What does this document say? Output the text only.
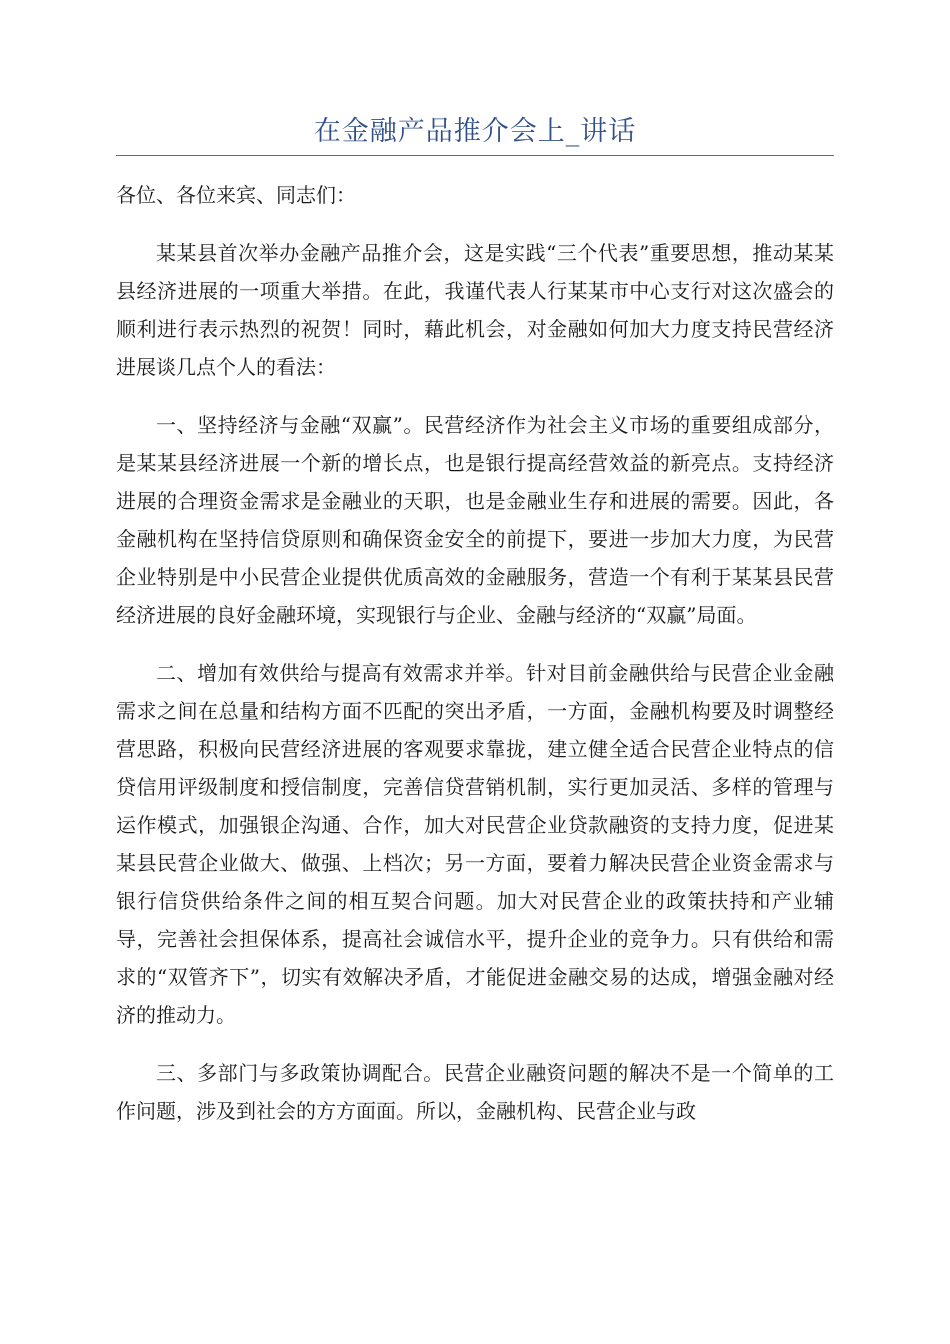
在金融产品推介会上_讲话

各位、各位来宾、同志们：

某某县首次举办金融产品推介会，这是实践“三个代表”重要思想，推动某某县经济进展的一项重大举措。在此，我谨代表人行某某市中心支行对这次盛会的顺利进行表示热烈的祝贺！同时，藉此机会，对金融如何加大力度支持民营经济进展谈几点个人的看法：

一、坚持经济与金融“双赢”。民营经济作为社会主义市场的重要组成部分，是某某县经济进展一个新的增长点，也是银行提高经营效益的新亮点。支持经济进展的合理资金需求是金融业的天职，也是金融业生存和进展的需要。因此，各金融机构在坚持信贷原则和确保资金安全的前提下，要进一步加大力度，为民营企业特别是中小民营企业提供优质高效的金融服务，营造一个有利于某某县民营经济进展的良好金融环境，实现银行与企业、金融与经济的“双赢”局面。

二、增加有效供给与提高有效需求并举。针对目前金融供给与民营企业金融需求之间在总量和结构方面不匹配的突出矛盾，一方面，金融机构要及时调整经营思路，积极向民营经济进展的客观要求靠拢，建立健全适合民营企业特点的信贷信用评级制度和授信制度，完善信贷营销机制，实行更加灵活、多样的管理与运作模式，加强银企沟通、合作，加大对民营企业贷款融资的支持力度，促进某某县民营企业做大、做强、上档次；另一方面，要着力解决民营企业资金需求与银行信贷供给条件之间的相互契合问题。加大对民营企业的政策扶持和产业辅导，完善社会担保体系，提高社会诚信水平，提升企业的竞争力。只有供给和需求的“双管齐下”，切实有效解决矛盾，才能促进金融交易的达成，增强金融对经济的推动力。

三、多部门与多政策协调配合。民营企业融资问题的解决不是一个简单的工作问题，涉及到社会的方方面面。所以，金融机构、民营企业与政
